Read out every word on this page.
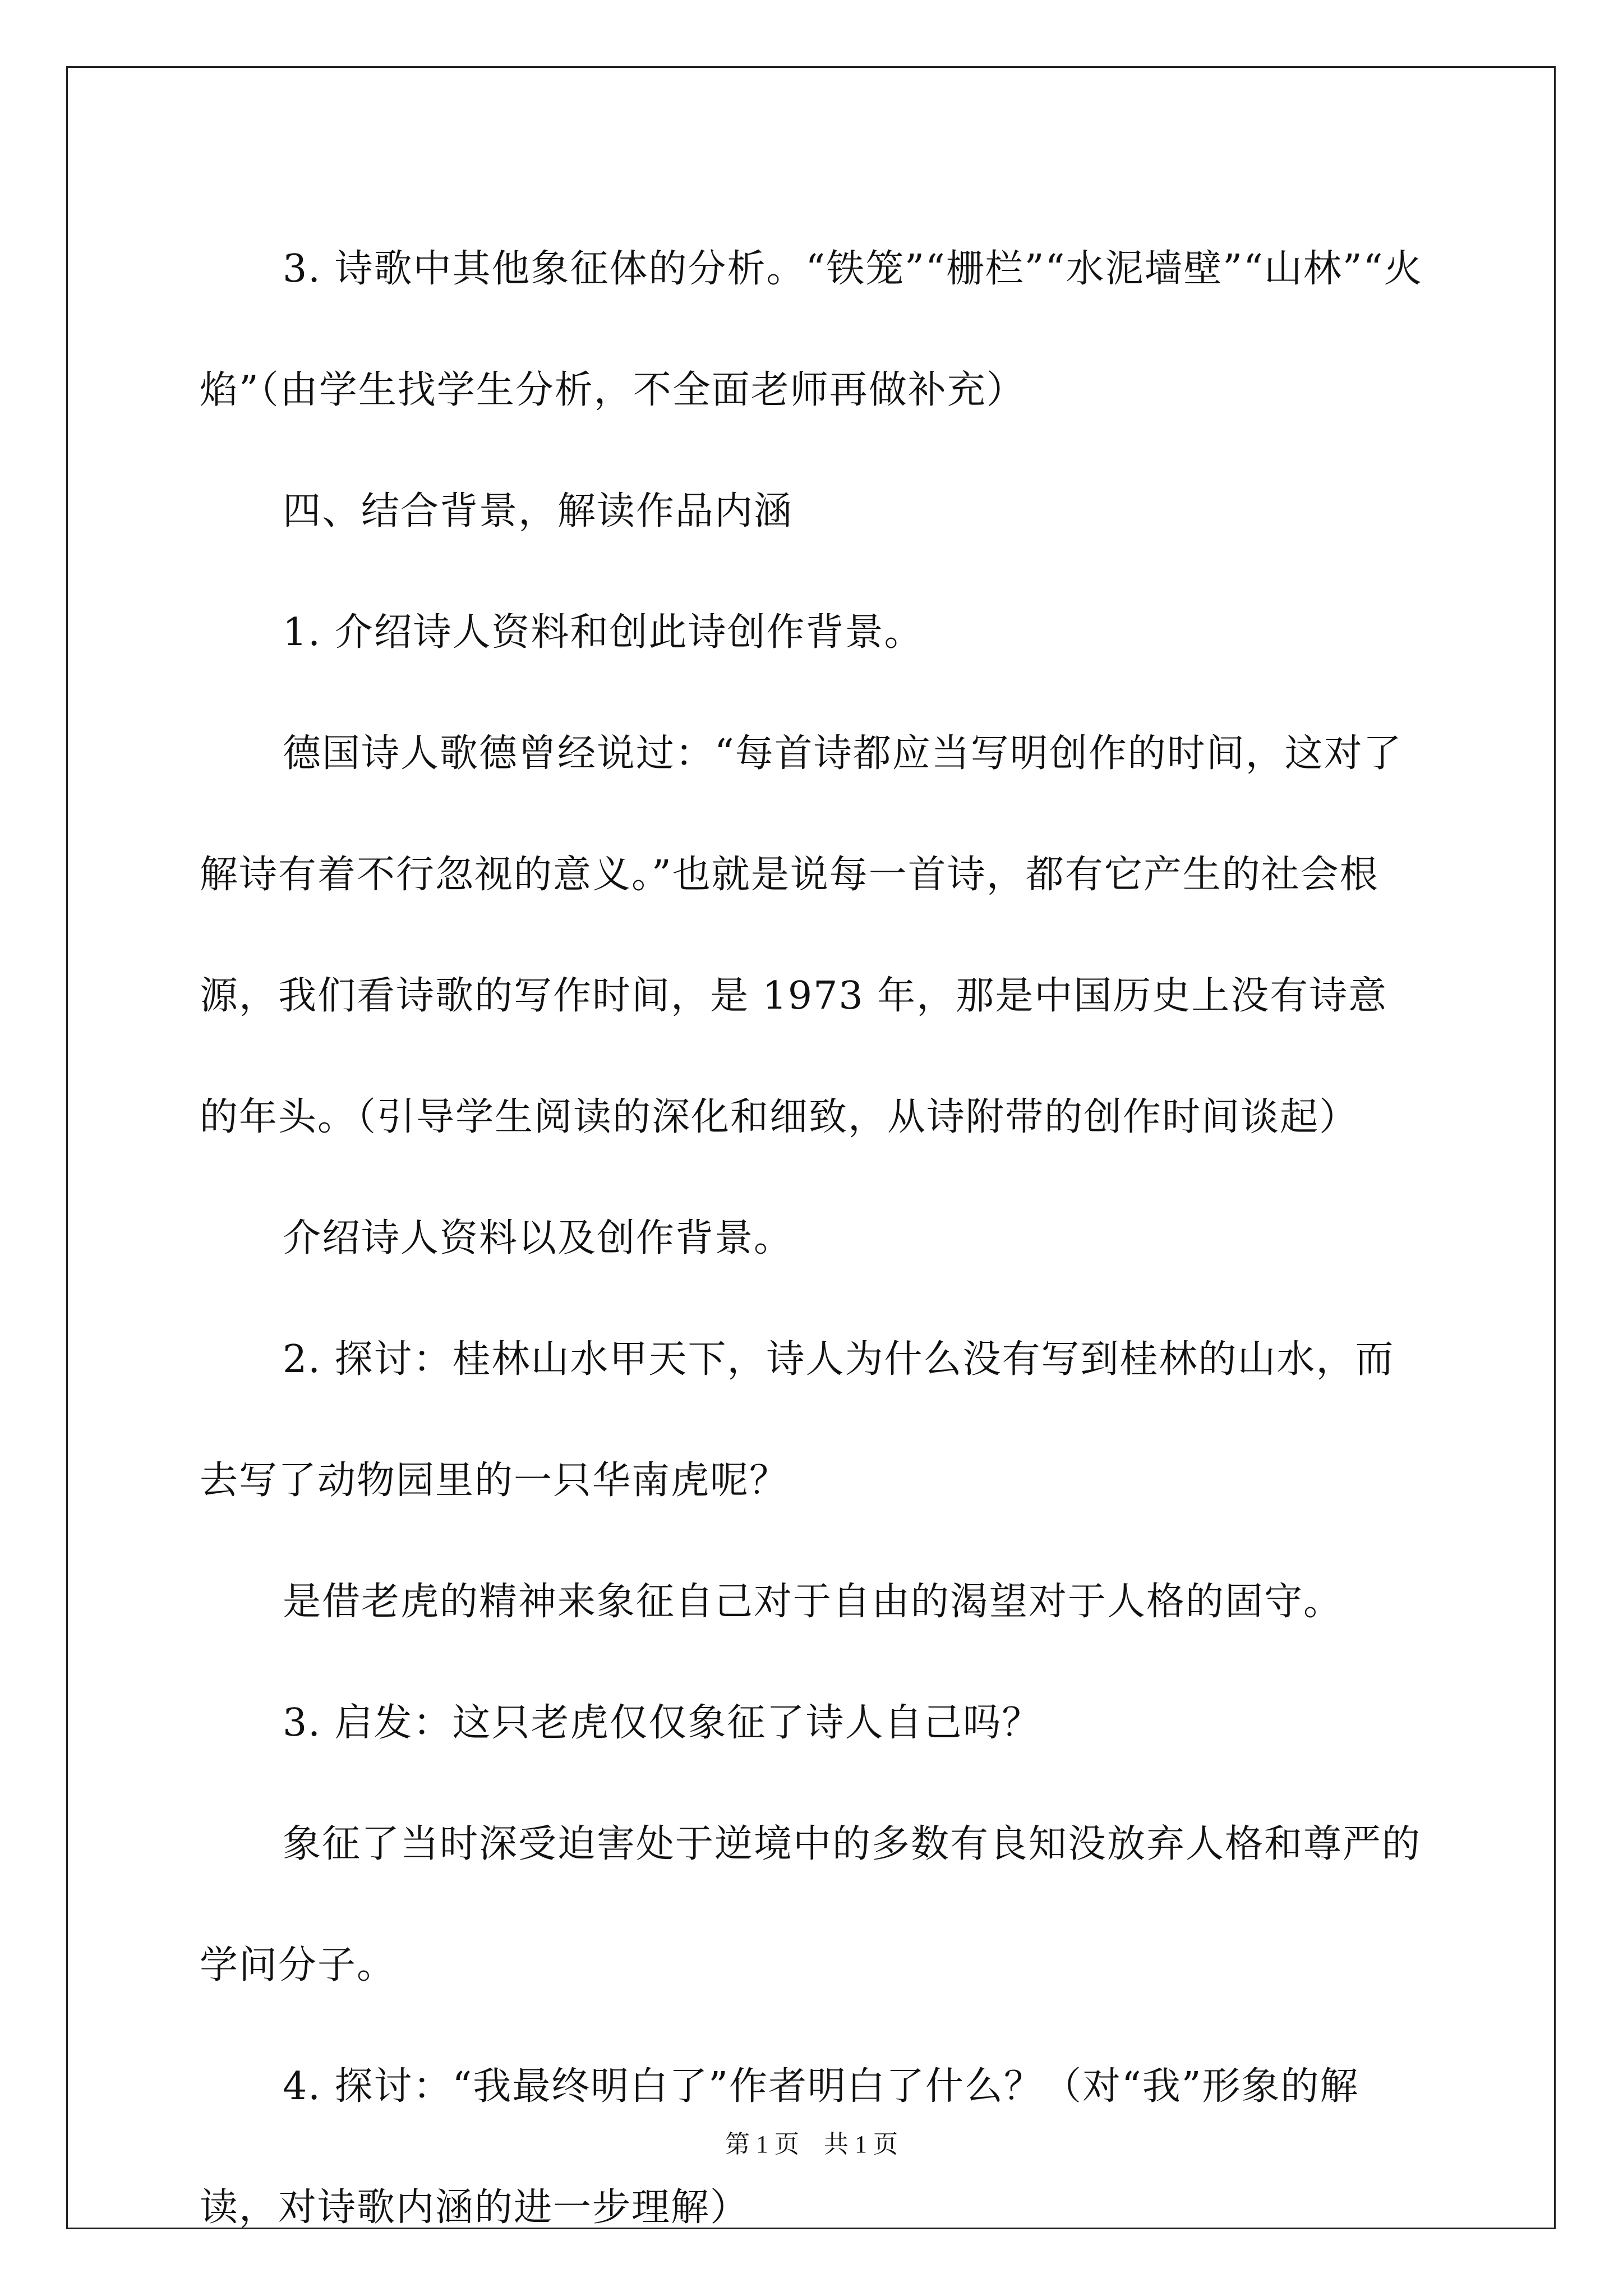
3. 诗歌中其他象征体的分析。“铁笼”“栅栏”“水泥墙壁”“山林”“火焰”（由学生找学生分析，不全面老师再做补充）

四、结合背景，解读作品内涵

1. 介绍诗人资料和创此诗创作背景。

德国诗人歌德曾经说过：“每首诗都应当写明创作的时间，这对了解诗有着不行忽视的意义。”也就是说每一首诗，都有它产生的社会根源，我们看诗歌的写作时间，是 1973 年，那是中国历史上没有诗意的年头。（引导学生阅读的深化和细致，从诗附带的创作时间谈起）

介绍诗人资料以及创作背景。

2. 探讨：桂林山水甲天下，诗人为什么没有写到桂林的山水，而去写了动物园里的一只华南虎呢？

是借老虎的精神来象征自己对于自由的渴望对于人格的固守。

3. 启发：这只老虎仅仅象征了诗人自己吗？

象征了当时深受迫害处于逆境中的多数有良知没放弃人格和尊严的学问分子。

4. 探讨：“我最终明白了”作者明白了什么？（对“我”形象的解读，对诗歌内涵的进一步理解）

第 1 页　共 1 页
